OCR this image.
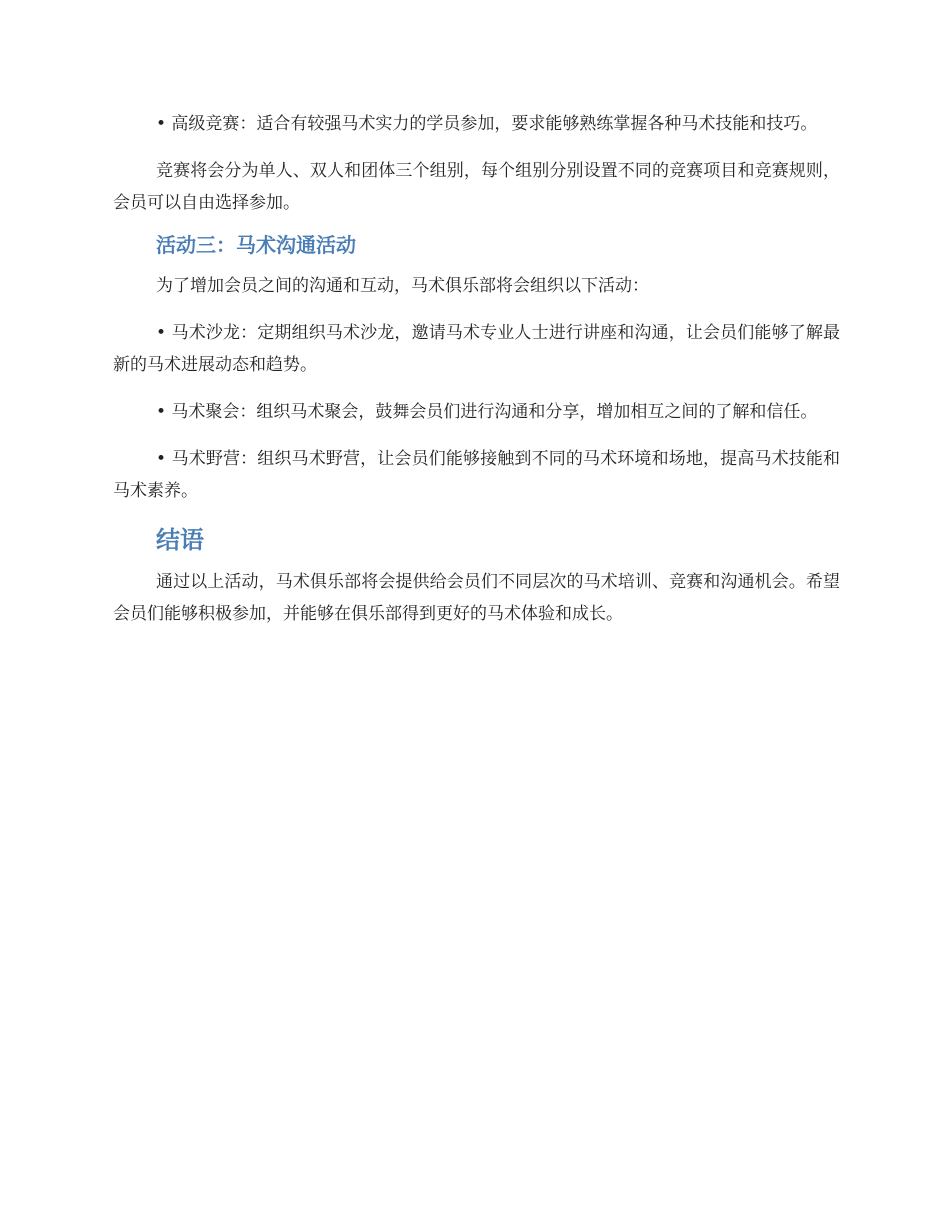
• 高级竞赛：适合有较强马术实力的学员参加，要求能够熟练掌握各种马术技能和技巧。

竞赛将会分为单人、双人和团体三个组别，每个组别分别设置不同的竞赛项目和竞赛规则，会员可以自由选择参加。

活动三：马术沟通活动

为了增加会员之间的沟通和互动，马术俱乐部将会组织以下活动：

• 马术沙龙：定期组织马术沙龙，邀请马术专业人士进行讲座和沟通，让会员们能够了解最新的马术进展动态和趋势。

• 马术聚会：组织马术聚会，鼓舞会员们进行沟通和分享，增加相互之间的了解和信任。

• 马术野营：组织马术野营，让会员们能够接触到不同的马术环境和场地，提高马术技能和马术素养。

结语

通过以上活动，马术俱乐部将会提供给会员们不同层次的马术培训、竞赛和沟通机会。希望会员们能够积极参加，并能够在俱乐部得到更好的马术体验和成长。
